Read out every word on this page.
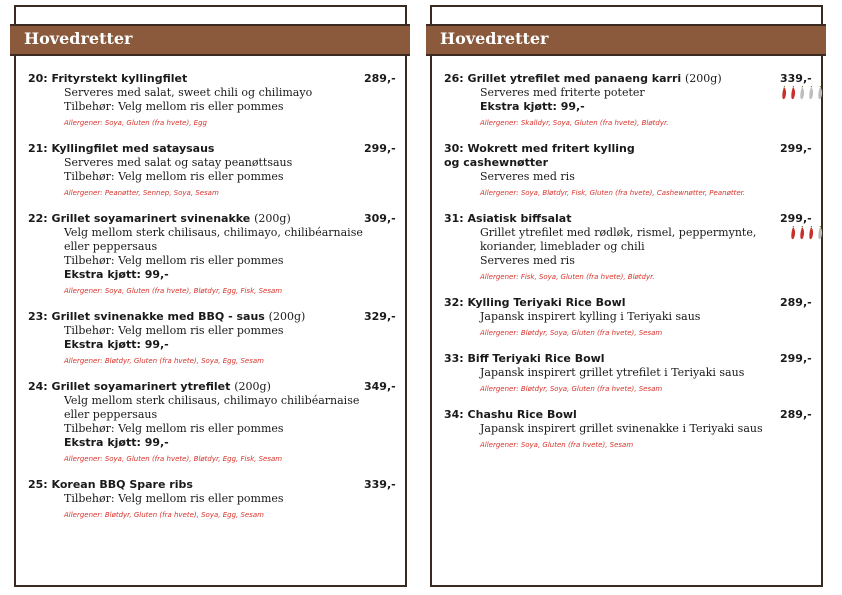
Hovedretter
20: Frityrstekt kyllingfilet	289,-
Serveres med salat, sweet chili og chilimayo
Tilbehør: Velg mellom ris eller pommes
Allergener: Soya, Gluten (fra hvete), Egg
21: Kyllingfilet med sataysaus	299,-
Serveres med salat og satay peanøttsaus
Tilbehør: Velg mellom ris eller pommes
Allergener: Peanøtter, Sennep, Soya, Sesam
22: Grillet soyamarinert svinenakke (200g)	309,-
Velg mellom sterk chilisaus, chilimayo, chilibéarnaise
eller peppersaus
Tilbehør: Velg mellom ris eller pommes
Ekstra kjøtt: 99,-
Allergener: Soya, Gluten (fra hvete), Bløtdyr, Egg, Fisk, Sesam
23: Grillet svinenakke med BBQ - saus (200g)	329,-
Tilbehør: Velg mellom ris eller pommes
Ekstra kjøtt: 99,-
Allergener: Bløtdyr, Gluten (fra hvete), Soya, Egg, Sesam
24: Grillet soyamarinert ytrefilet (200g)	349,-
Velg mellom sterk chilisaus, chilimayo chilibéarnaise
eller peppersaus
Tilbehør: Velg mellom ris eller pommes
Ekstra kjøtt: 99,-
Allergener: Soya, Gluten (fra hvete), Bløtdyr, Egg, Fisk, Sesam
25: Korean BBQ Spare ribs	339,-
Tilbehør: Velg mellom ris eller pommes
Allergener: Bløtdyr, Gluten (fra hvete), Soya, Egg, Sesam
Hovedretter
26: Grillet ytrefilet med panaeng karri (200g)	339,-
Serveres med friterte poteter
Ekstra kjøtt: 99,-
Allergener: Skalldyr, Soya, Gluten (fra hvete), Bløtdyr.
30: Wokrett med fritert kylling
og cashewnøtter
299,-
Serveres med ris
Allergener: Soya, Bløtdyr, Fisk, Gluten (fra hvete), Cashewnøtter, Peanøtter.
31: Asiatisk biffsalat	299,-
Grillet ytrefilet med rødløk, rismel, peppermynte,
koriander, limeblader og chili
Serveres med ris
Allergener: Fisk, Soya, Gluten (fra hvete), Bløtdyr.
32: Kylling Teriyaki Rice Bowl	289,-
Japansk inspirert kylling i Teriyaki saus
Allergener: Bløtdyr, Soya, Gluten (fra hvete), Sesam
33: Biff Teriyaki Rice Bowl	299,-
Japansk inspirert grillet ytrefilet i Teriyaki saus
Allergener: Bløtdyr, Soya, Gluten (fra hvete), Sesam
34: Chashu Rice Bowl	289,-
Japansk inspirert grillet svinenakke i Teriyaki saus
Allergener: Soya, Gluten (fra hvete), Sesam
